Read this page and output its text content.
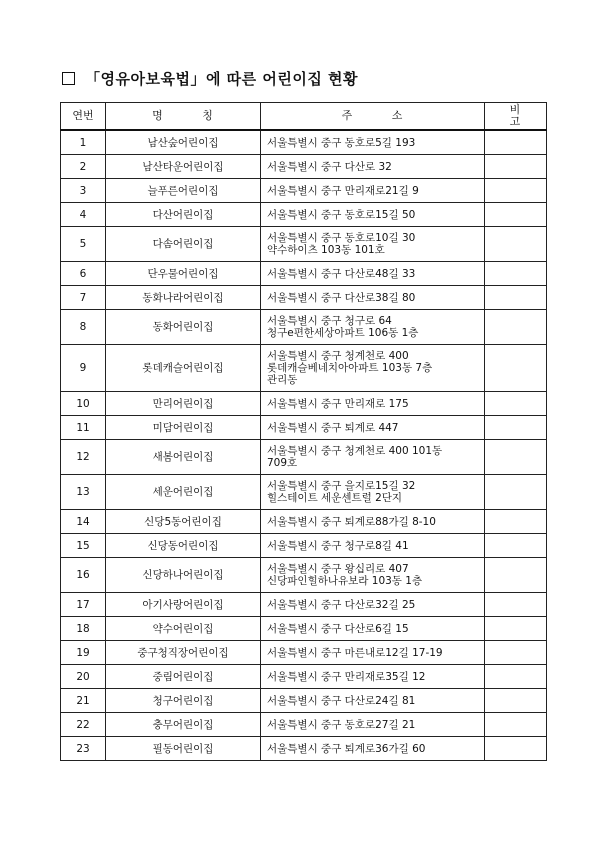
「영유아보육법」에 따른 어린이집 현황
연번	명 칭	주 소	비 고
1	남산숲어린이집	서울특별시 중구 동호로5길 193	

2	남산타운어린이집	서울특별시 중구 다산로 32	

3	늘푸른어린이집	서울특별시 중구 만리재로21길 9	

4	다산어린이집	서울특별시 중구 동호로15길 50	

5	다솜어린이집	서울특별시 중구 동호로10길 30
약수하이츠 103동 101호	

6	단우물어린이집	서울특별시 중구 다산로48길 33	

7	동화나라어린이집	서울특별시 중구 다산로38길 80	

8	동화어린이집	서울특별시 중구 청구로 64
청구e편한세상아파트 106동 1층	

9	롯데캐슬어린이집	서울특별시 중구 청계천로 400
롯데캐슬베네치아아파트 103동 7층
관리동	

10	만리어린이집	서울특별시 중구 만리재로 175	

11	미담어린이집	서울특별시 중구 퇴계로 447	

12	새봄어린이집	서울특별시 중구 청계천로 400 101동
709호	

13	세운어린이집	서울특별시 중구 을지로15길 32
힐스테이트 세운센트럴 2단지	

14	신당5동어린이집	서울특별시 중구 퇴계로88가길 8-10	

15	신당동어린이집	서울특별시 중구 청구로8길 41	

16	신당하나어린이집	서울특별시 중구 왕십리로 407
신당파인힐하나유보라 103동 1층	

17	아기사랑어린이집	서울특별시 중구 다산로32길 25	

18	약수어린이집	서울특별시 중구 다산로6길 15	

19	중구청직장어린이집	서울특별시 중구 마른내로12길 17-19	

20	중림어린이집	서울특별시 중구 만리재로35길 12	

21	청구어린이집	서울특별시 중구 다산로24길 81	

22	충무어린이집	서울특별시 중구 동호로27길 21	

23	필동어린이집	서울특별시 중구 퇴계로36가길 60	
